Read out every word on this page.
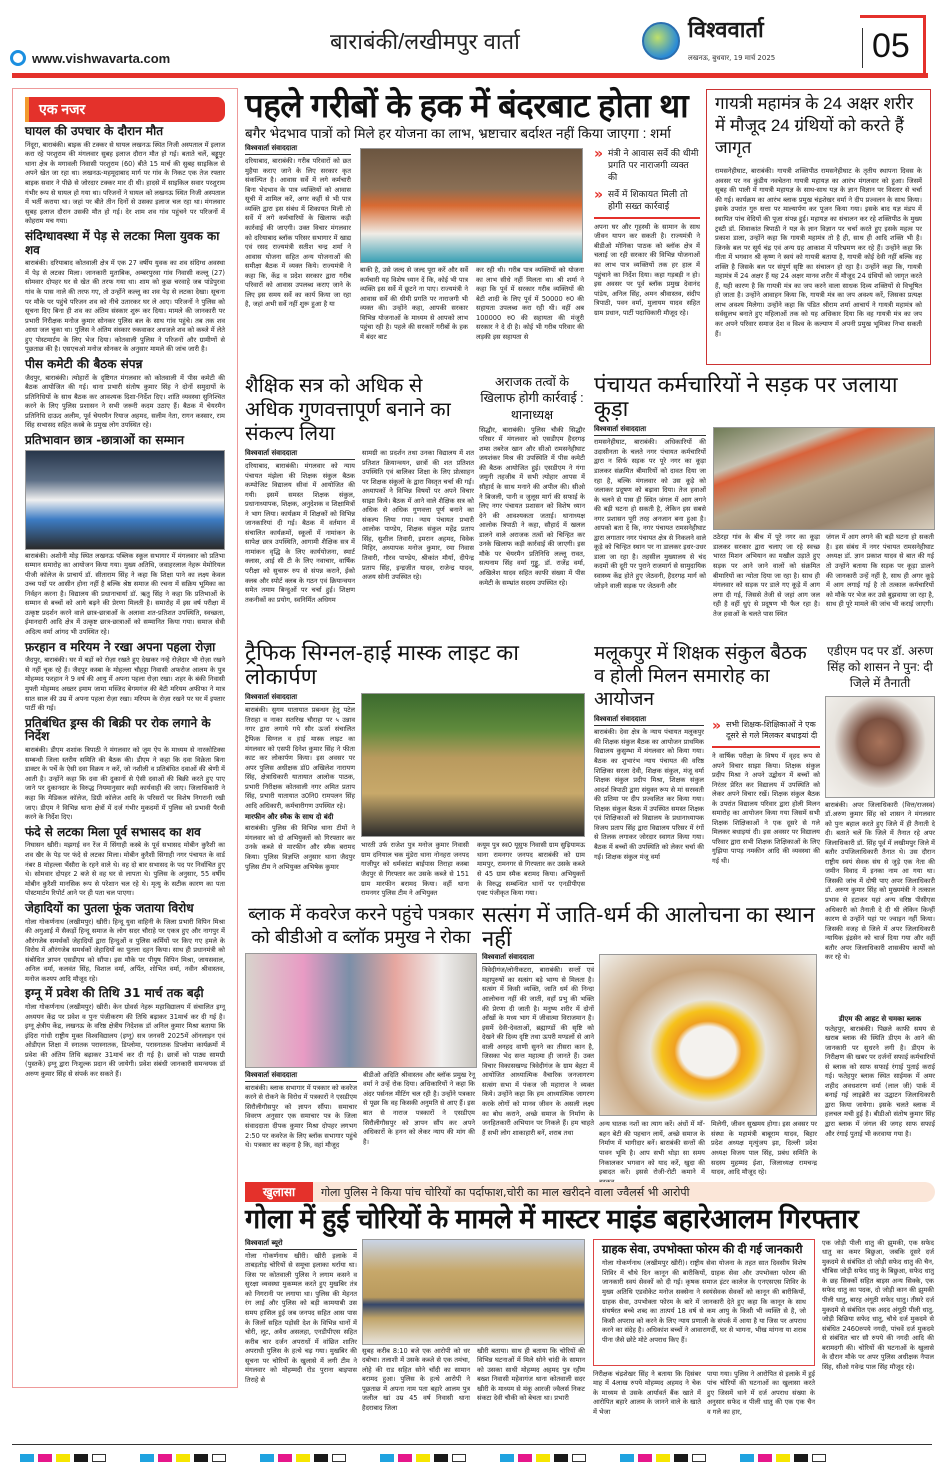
www.vishwavarta.com
बाराबंकी/लखीमपुर वार्ता	विश्ववार्ता
लखनऊ, बुधवार, 19 मार्च 2025	05
एक नजर
घायल की उपचार के दौरान मौत
निंदूरा, बाराबंकी। बाइक की टक्कर से घायल लखनऊ स्थित निजी अस्पताल में इलाज करा रहे परशुराम की मंगलवार सुबह इलाज दौरान मौत हो गई। बताते चलें, बड्डूपुर थाना क्षेत्र के मगावली निवासी परशुराम (60) बीते 15 मार्च की सुबह साइकिल से अपने खेत जा रहा था। लखनऊ-महमूदाबाद मार्ग पर गांव के निकट एक तेज रफ्तार बाइक सवार ने पीछे से जोरदार टक्कर मार दी थी। हादसे में साइकिल सवार परशुराम गंभीर रूप से घायल हो गया था। परिजनों ने घायल को लखनऊ स्थित निजी अस्पताल में भर्ती कराया था। जहां पर बीते तीन दिनों से उसका इलाज चल रहा था। मंगलवार सुबह इलाज दौरान उसकी मौत हो गई। देर शाम शव गांव पहुंचने पर परिजनों में कोहराम मच गया।
संदिग्धावस्था में पेड़ से लटका मिला युवक का शव
बाराबंकी। दरियाबाद कोतवाली क्षेत्र में एक 27 वर्षीय युवक का शव संदिग्ध अवस्था में पेड़ से लटका मिला। जानकारी मुताबिक, अम्बरपुरवा गांव निवासी कल्लू (27) सोमवार दोपहर घर से खेत की तरफ गया था। शाम को कुछ चरवाहे जब पांडेपुरवा गांव के पास नाले की तरफ गए, तो उन्होंने कल्लू का शव पेड़ से लटका देखा। सूचना पर मौके पर पहुंचे परिजन शव को नीचे उतारकर घर ले आए। परिजनों ने पुलिस को सूचना दिए बिना ही शव का अंतिम संस्कार शुरू कर दिया। मामले की जानकारी पर प्रभारी निरीक्षक मनोज कुमार सोनकर पुलिस बल के साथ गांव पहुंचे। तब तक शव आधा जल चुका था। पुलिस ने अंतिम संस्कार रुकवाकर अधजले शव को कब्जे में लेते हुए पोस्टमार्टम के लिए भेज दिया। कोतवाली पुलिस ने परिजनों और ग्रामीणों से पूछताछ की है। एसएचओ मनोज सोनकर के अनुसार मामले की जांच जारी है।
पीस कमेटी की बैठक संपन्न
जैदपुर, बाराबंकी। त्योहारों के दृष्टिगत मंगलवार को कोतवाली में पीस कमेटी की बैठक आयोजित की गई। थाना प्रभारी संतोष कुमार सिंह ने दोनों समुदायों के प्रतिनिधियों के साथ बैठक कर आवश्यक दिशा-निर्देश दिए। शांति व्यवस्था सुनिश्चित करने के लिए पुलिस प्रशासन ने सभी जरूरी कदम उठाए हैं। बैठक में चेयरमैन प्रतिनिधि दाऊद अलीम, पूर्व चेयरमैन रियाज अहमद, सलीम नेता, रागन कस्सार, राम सिंह सभासद सहित कस्बे के प्रमुख लोग उपस्थित रहे।
प्रतिभावान छात्र -छात्राओं का सम्मान
बाराबंकी। अशोनी मोड़ स्थित लखनऊ पब्लिक स्कूल सभागार में मंगलवार को प्रतिभा सम्मान समारोह का आयोजन किया गया। मुख्य अतिथि, जवाहरलाल नेहरू मेमोरियल पीजी कॉलेज के प्राचार्य डॉ. सीताराम सिंह ने कहा कि शिक्षा पाने का लक्ष्य केवल उच्च पदों पर आसीन होना नहीं है बल्कि श्रेष्ठ समाज की रचना में सक्रिय भूमिका का निर्वहन करना है। विद्यालय की प्रधानाचार्या डॉ. ऋतु सिंह ने कहा कि प्रतिभाओं के सम्मान से बच्चों को आगे बढ़ने की प्रेरणा मिलती है। समारोह में इस वर्ष परीक्षा में उत्कृष्ट प्रदर्शन करने वाले छात्र-छात्राओं के अलावा शत-प्रतिशत उपस्थिति, स्वच्छता, ईमानदारी आदि क्षेत्र में उत्कृष्ट छात्र-छात्राओं को सम्मानित किया गया। समाज सेवी अदित्य वर्मा आंगद भी उपस्थित रहे।
फ़रहान व मरियम ने रखा अपना पहला रोज़ा
जैदपुर, बाराबंकी। घर में बड़ों को रोज़ा रखते हुए देखकर नन्हे रोज़ेदार भी रोज़ा रखने से नहीं चूक रहे हैं। जैदपुर कस्बा के मोहल्ला चौहट्टा निवासी अफरोज आलम के पुत्र मोहम्मद फरहान ने 9 वर्ष की आयु में अपना पहला रोज़ा रखा। शहर के बंकी निवासी मुफ्ती मोहम्मद अख्तर इमाम जामा मस्जिद बेगमगंज की बेटी मरियम अफीफा ने मात्र सात साल की उम्र में अपना पहला रोज़ा रखा। मरियम के रोज़ा रखने पर घर में इफ्तार पार्टी की गई।
प्रतिबंधित ड्रग्स की बिक्री पर रोक लगाने के निर्देश
बाराबंकी। डीएम शशांक त्रिपाठी ने मंगलवार को जूम ऐप के माध्यम से नारकोटिक्स सम्बन्धी जिला स्तरीय समिति की बैठक की। डीएम ने कहा कि दवा विक्रेता बिना डाक्टर के पर्चे के ऐसी दवा विक्रय न करें, जो नशीली व प्रतिबंधित दवाओं की श्रेणी में आती है। उन्होंने कहा कि दवा की दुकानों से ऐसी दवाओं की बिक्री करते हुए पाए जाने पर दुकानदार के विरुद्ध नियमानुसार कड़ी कार्यवाही की जाए। जिलाधिकारी ने कहा कि मेडिकल कॉलेज, डिग्री कॉलेज आदि के परिसरों पर विशेष निगरानी रखी जाए। डीएम ने विभिन्न थाना क्षेत्रों में दर्ज गंभीर मुकदमों में पुलिस को प्रभावी पैरवी करने के निर्देश दिए।
फंदे से लटका मिला पूर्व सभासद का शव
निघासन खीरी। मझगई वन रेंज में सिंगाही कस्बे के पूर्व सभासद मोबीन कुरैशी का शव खैर के पेड़ पर फंदे से लटका मिला। मोबीन कुरैशी सिंगाही नगर पंचायत के वार्ड नंबर 8 मोहल्ला भैंसौरा के रहने वाले थे। वह दो बार सभासद के पद पर निर्वाचित हुए थे। सोमवार दोपहर 2 बजे से वह घर से लापता थे। पुलिस के अनुसार, 55 वर्षीय मोबीन कुरैशी मानसिक रूप से परेशान चल रहे थे। मृत्यु के सटीक कारण का पता पोस्टमार्टम रिपोर्ट आने पर ही पता चल पाएगा।
जेहादियों का पुतला फूंक जताया विरोध
गोला गोकर्णनाथ (लखीमपुर) खीरी। हिन्दू युवा वाहिनी के जिला प्रभारी विपिन मिश्रा की अगुआई में सैकड़ों हिन्दू समाज के लोग सदर चौराहे पर एकत्र हुए और नागपुर में औरंगजेब समर्थकों जेहादियों द्वारा हिन्दुओं व पुलिस कर्मियों पर किए गए हमले के विरोध में औरंगजेब समर्थकों जेहादियों का पुतला दहन किया। साथ ही प्रधानमंत्री को संबोधित ज्ञापन एसडीएम को सौंपा। इस मौके पर पीयूष विपिन मिश्रा, जायसवाल, अनिल वर्मा, कलवंत सिंह, विशाल वर्मा, अर्पित, शोभित वर्मा, नवीन श्रीवास्तव, मनोज कश्यप आदि मौजूद रहे।
इग्नू में प्रवेश की तिथि 31 मार्च तक बढ़ी
गोला गोकर्णनाथ (लखीमपुर) खीरी। केन ग्रोवर्स नेहरू महाविद्यालय में संचालित इग्नू अध्ययन केंद्र पर प्रवेश व पुनः पंजीकरण की तिथि बढ़ाकर 31मार्च कर दी गई है। इग्नू क्षेत्रीय केंद्र, लखनऊ के वरिष्ठ क्षेत्रीय निदेशक डॉ अनिल कुमार मिश्रा बताया कि इंदिरा गांधी राष्ट्रीय मुक्त विश्वविद्यालय (इग्नू) सत्र जनवरी 2025में ऑनलाइन एवं ओडीएल शिक्षा में स्नातक परास्नातक, डिप्लोमा, परास्नातक डिप्लोमा कार्यक्रमों में प्रवेश की अंतिम तिथि बढ़ाकर 31मार्च कर दी गई है। छात्रों को पाठ्य सामग्री (पुस्तकें) इग्नू द्वारा निःशुल्क प्रदान की जायेगी। प्रवेश संबंधी जानकारी समन्वयक डॉ अरुण कुमार सिंह से संपर्क कर सकते हैं।
पहले गरीबों के हक में बंदरबाट होता था
बगैर भेदभाव पात्रों को मिले हर योजना का लाभ, भ्रष्टाचार बर्दाश्त नहीं किया जाएगा : शर्मा
विश्ववार्ता संवाददाता
दरियाबाद, बाराबंकी। गरीब परिवारों को छत मुहैया कराए जाने के लिए सरकार कृत संकल्पित है। आवास सर्वे में लगे कर्मचारी बिना भेदभाव के पात्र व्यक्तियों को आवास सूची में शामिल करें, अगर कहीं से भी पात्र व्यक्ति द्वारा इस संबंध में शिकायत मिली तो सर्वे में लगे कर्मचारियों के खिलाफ कड़ी कार्रवाई की जाएगी। उक्त विचार मंगलवार को दरियाबाद ब्लॉक परिसर सभागार में खाद्य एवं रसद राज्यमंत्री सतीश चन्द्र शर्मा ने आवास योजना सहित अन्य योजनाओं की समीक्षा बैठक में व्यक्त किये। राज्यमंत्री ने कहा कि, केंद्र व प्रदेश सरकार द्वारा गरीब परिवारों को आवास उपलब्ध कराए जाने के लिए इस समय सर्वे का कार्य किया जा रहा है, जहां अभी सर्वे नहीं शुरू हुआ है या
बाकी है, उसे जल्द से जल्द पूरा करें और सर्वे कर्मचारी यह विशेष ध्यान दें कि, कोई भी पात्र व्यक्ति इस सर्वे में छूटने ना पाए। राज्यमंत्री ने आवास सर्वे की धीमी प्रगति पर नाराजगी भी व्यक्त की। उन्होंने कहा, आपकी सरकार विभिन्न योजनाओं के माध्यम से आपको लाभ पहुंचा रही है। पहले की सरकारें गरीबों के हक में बंदर बाट
कर रही थी। गरीब पात्र व्यक्तियों को योजना का लाभ सीधे नहीं मिलता था। श्री शर्मा ने कहा कि पूर्व में सरकार गरीब व्यक्तियों की बेटी शादी के लिए पूर्व में 50000 रु0 की सहायता उपलब्ध करा रही थी। वहीं अब 100000 रु0 की सहायता की मंजूरी सरकार ने दे दी है। कोई भी गरीब परिवार की लड़की इस सहायता से
» मंत्री ने आवास सर्वे की धीमी प्रगति पर नाराजगी व्यक्त की
» सर्वे में शिकायत मिली तो होगी सख्त कार्रवाई
अपना घर और गृहस्थी के सामान के साथ जीवन यापन कर सकती है। राज्यमंत्री ने बीडीओ मोनिका पाठक को ब्लॉक क्षेत्र में चलाई जा रही सरकार की विभिन्न योजनाओं का लाभ पात्र व्यक्तियों तक हर हाल में पहुंचाने का निर्देश दिया। कहा गड़बड़ी न हो। इस अवसर पर पूर्व ब्लॉक प्रमुख देवानंद पांडेय, अनिल सिंह, अमन श्रीवास्तव, संदीप त्रिपाठी, पवन वर्मा, मुलायम यादव सहित ग्राम प्रधान, पार्टी पदाधिकारी मौजूद रहे।
गायत्री महामंत्र के 24 अक्षर शरीर में मौजूद 24 ग्रंथियों को करते हैं जागृत
रामसनेहीघाट, बाराबंकी। गायत्री शक्तिपीठ रामसनेहीघाट के तृतीय स्थापना दिवस के अवसर पर नव कुंडीय नवचेतना गायत्री महायज्ञ का आरंभ मंगलवार को हुआ। जिसमें सुबह की पाली में गायत्री महायज्ञ के साथ-साथ यज्ञ के ज्ञान विज्ञान पर विस्तार से चर्चा की गई। कार्यक्रम का आरंभ ब्लाक प्रमुख चंद्रशेखर वर्मा ने दीप प्रज्वलन के साथ किया। इसके उपरांत गुरु सत्ता पर माल्यार्पण कर पूजन किया गया। इसके बाद यज्ञ मंडप में स्थापित पांच वेदियों की पूजा संपन्न हुई। महायज्ञ का संचालन कर रहे शक्तिपीठ के मुख्य ट्रस्टी डॉ. शिवाकांत त्रिपाठी ने यज्ञ के ज्ञान विज्ञान पर चर्चा करते हुए इसके महत्व पर प्रकाश डाला, उन्होंने कहा कि गायत्री महामंत्र तो है ही, साथ ही आदि शक्ति भी है। जिनके बल पर सूर्य चंद्र एवं अन्य ग्रह आकाश में परिभ्रमण कर रहे हैं। उन्होंने कहा कि गीता में भगवान श्री कृष्ण ने स्वयं को गायत्री बताया है, गायत्री कोई देवी नहीं बल्कि वह शक्ति है जिसके बल पर संपूर्ण सृष्टि का संचालन हो रहा है। उन्होंने कहा कि, गायत्री महामंत्र में 24 अक्षर हैं यह 24 अक्षर मानव शरीर में मौजूद 24 ग्रंथियों को जागृत करते हैं, यही कारण है कि गायत्री मंत्र का जप करने वाला साधक दिव्य शक्तियों से विभूषित हो जाता है। उन्होंने आवाहन किया कि, गायत्री मंत्र का जप अवश्य करें, जिसका प्रत्यक्ष लाभ अवश्य मिलेगा। उन्होंने कहा कि पंडित श्रीराम शर्मा आचार्य ने गायत्री महामंत्र को सर्वसुलभ बनाते हुए महिलाओं तक को यह अधिकार दिया कि वह गायत्री मंत्र का जप कर अपने परिवार समाज देश व विश्व के कल्याण में अपनी प्रमुख भूमिका निभा सकती हैं।
शैक्षिक सत्र को अधिक से अधिक गुणवत्तापूर्ण बनाने का संकल्प लिया
विश्ववार्ता संवाददाता
दरियाबाद, बाराबंकी। मंगलवार को न्याय पंचायत मंझेला की शिक्षक संकुल बैठक कम्पोजिट विद्यालय सीवां में आयोजित की गयी। इसमें समस्त शिक्षक संकुल, प्रधानाध्यापक, शिक्षक, अनुदेशक व शिक्षामित्रों ने भाग लिया। कार्यक्रम में शिक्षकों को विभिन्न जानकारियां दी गई। बैठक में वर्तमान में संचालित कार्यक्रमों, स्कूलों में नामांकन के सापेक्ष छात्र उपस्थिति, आगामी शैक्षिक सत्र में नामांकन वृद्धि के लिए कार्ययोजना, स्मार्ट क्लास, आई सी टी के लिए नवाचार, वार्षिक परीक्षा को सुचारू रुप से संपन्न कराने, ईको क्लब और स्पोर्ट क्लब के गठन एवं क्रियान्वयन समेत तमाम बिन्दुओं पर चर्चा हुई। शिक्षण तकनीकों का प्रयोग, स्वनिर्मित अधिगम
सामग्री का प्रदर्शन तथा उनका विद्यालय में शत प्रतिशत क्रियान्वयन, छात्रों की शत प्रतिशत उपस्थिति एवं बालिका शिक्षा के लिए प्रोत्साहन पर शिक्षक संकुलों के द्वारा विस्तृत चर्चा की गई। अध्यापकों ने विभिन्न विषयों पर अपने विचार साझा किये। बैठक में आने वाले शैक्षिक सत्र को अधिक से अधिक गुणवत्ता पूर्ण बनाने का संकल्प लिया गया। न्याय पंचायत प्रभारी आलोक पाण्डेय, शिक्षक संकुल महेंद्र प्रताप सिंह, सुशील तिवारी, इमरान अहमद, विवेक मिहिर, अध्यापक मनोज कुमार, रमा निवास तिवारी, गौरव पाण्डेय, श्रीकांत मौर्या, दीपेन्द्र प्रताप सिंह, इन्द्रजीत यादव, राजेन्द्र यादव, अजय सोनी उपस्थित रहे।
अराजक तत्वों के खिलाफ होगी कार्रवाई : थानाध्यक्ष
सिद्धौर, बाराबंकी। पुलिस चौकी सिद्धौर परिसर में मंगलवार को एसडीएम हैदरगढ़ शम्स तबरेज खान और सीओ रामसनेहीघाट जयशंकर मिश्र की उपस्थिति में पीस कमेटी की बैठक आयोजित हुई। एसडीएम ने गंगा जमुनी तहजीब में सभी त्योहार आपस में सौहार्द के साथ मनाने की अपील की। सीओ ने बिजली, पानी व जुलूस मार्ग की सफाई के लिए नगर पंचायत प्रशासन को विशेष ध्यान देने की आवश्यकता जताई। थानाध्यक्ष आलोक त्रिपाठी ने कहा, सौहार्द में खलल डालने वाले अराजक तत्वों को चिन्हित कर उनके खिलाफ कड़ी कार्रवाई की जाएगी। इस मौके पर चेयरमैन प्रतिनिधि लल्लू रावत, सत्यनाम सिंह वर्मा गुड्डू, डॉ. राजेंद्र वर्मा, अखिलेश यादव सहित काफी संख्या में पीस कमेटी के सम्भ्रांत सदस्य उपस्थित रहे।
पंचायत कर्मचारियों ने सड़क पर जलाया कूड़ा
विश्ववार्ता संवाददाता
रामसनेहीघाट, बाराबंकी। अधिकारियों की उदासीनता के चलते नगर पंचायत कर्मचारियों द्वारा न सिर्फ सड़क पर पूरे नगर का कूड़ा डालकर संक्रमित बीमारियों को दावत दिया जा रहा है, बल्कि मंगलवार को उस कूड़े को जलाकर प्रदूषण को बढ़ावा दिया। तेज हवाओं के चलने से पास ही स्थित जंगल में आग लगने की बड़ी घटना हो सकती है, लेकिन इस सबसे नगर प्रशासन पूरी तरह अनजान बना हुआ है। आपको बता दें कि, नगर पंचायत रामसनेहीघाट द्वारा लगातार नगर पंचायत क्षेत्र से निकलने वाले कूड़े को चिन्हित स्थान पर ना डालकर इधर-उधर डाला जा रहा है। तहसील मुख्यालय से चंद कदमों की दूरी पर पुराने राजमार्ग से सामुदायिक स्वास्थ्य केंद्र होते हुए जेठवनी, हैदरगढ़ मार्ग को जोड़ने वाली सड़क पर जेठवनी और
ठठेरहा गांव के बीच में पूरे नगर का कूड़ा डालकर सरकार द्वारा चलाए जा रहे स्वच्छ भारत मिशन अभियान का मखौल उड़ाते हुए सड़क पर आने जाने वालों को संक्रमित बीमारियों का न्योता दिया जा रहा है। साथ ही मंगलवार को सड़क पर डाले गए कूड़े में आग लगा दी गई, जिससे तेजी से जहां आग जल रही है वहीं धुएं से प्रदूषण भी फैल रहा है। तेज हवाओं के चलते पास स्थित
जंगल में आग लगने की बड़ी घटना हो सकती है। इस संबंध में नगर पंचायत रामसनेहीघाट अध्यक्ष डॉ. ज्ञान प्रकाश यादव से बात की गई तो उन्होंने बताया कि सड़क पर कूड़ा डालने की जानकारी उन्हें नहीं है, साथ ही अगर कूड़े में आग लगाई गई है तो तत्काल कर्मचारियों को मौके पर भेज कर उसे बुझवाया जा रहा है, साथ ही पूरे मामले की जांच भी कराई जाएगी।
ट्रैफिक सिग्नल-हाई मास्क लाइट का लोकार्पण
विश्ववार्ता संवाददाता
बाराबंकी। सुगम यातायात प्रबन्धन हेतु पटेल तिराहा व नाका सतरिख चौराहा पर ५ उन्नाव नगर द्वारा लगाये गये सौर ऊर्जा संचालित ट्रैफिक सिग्नल व हाई मास्क लाइट का मंगलवार को एसपी दिनेश कुमार सिंह ने फीता काट कर लोकार्पण किया। इस अवसर पर अपर पुलिस अधीक्षक डॉ0 अखिलेश नारायण सिंह, क्षेत्राधिकारी यातायात आलोक पाठक, प्रभारी निरीक्षक कोतवाली नगर अमित प्रताप सिंह, प्रभारी यातायात उ0नि0 रामपलन सिंह आदि अधिकारी, कर्मचारीगण उपस्थित रहे।
मारफीन और स्मैक के साथ दो बंदी
बाराबंकी। पुलिस की विभिन्न थाना टीमों ने मंगलवार को दो अभियुक्तों को गिरफ्तार कर उनके कब्जे से मारफीन और स्मैक बरामद किया। पुलिस विज्ञप्ति अनुसार थाना जैदपुर पुलिस टीम ने अभियुक्त अभिषेक कुमार
भारती उर्फ राजेश पुत्र मनोज कुमार निवासी ग्राम दनियाल चक मुंडेरा थाना नोनहरा जनपद गाजीपुर को धर्मकांटा बाईपास तिराहा कस्बा जैदपुर से गिरफ्तार कर उसके कब्जे से 151 ग्राम मारफीन बरामद किया। वहीं थाना रामनगर पुलिस टीम ने अभियुक्त
कयूम पुत्र स्व0 यूसुफ निवासी ग्राम सुढ़ियामऊ थाना रामनगर जनपद बाराबंकी को ग्राम मामपुर, रामनगर से गिरफ्तार कर उसके कब्जे से 45 ग्राम स्मैक बरामद किया। अभियुक्तों के विरुद्ध सम्बन्धित थानों पर एनडीपीएस एक्ट पंजीकृत किया गया।
मलूकपुर में शिक्षक संकुल बैठक व होली मिलन समारोह का आयोजन
विश्ववार्ता संवाददाता
बाराबंकी। देवा क्षेत्र के न्याय पंचायत मलूकपुर की शिक्षक संकुल बैठक का आयोजन प्राथमिक विद्यालय कुसुम्भा में मंगलवार को किया गया। बैठक का शुभारंभ न्याय पंचायत की वरिष्ठ शिक्षिका सरला देवी, शिक्षक संकुल, मंजू वर्मा शिक्षक संकुल प्रदीप मिश्रा, शिक्षक संकुल आदर्श त्रिपाठी द्वारा संयुक्त रूप से मां सरस्वती की प्रतिमा पर दीप प्रज्वलित कर किया गया। शिक्षक संकुल बैठक में उपस्थित समस्त शिक्षक एवं शिक्षिकाओं को विद्यालय के प्रधानाध्यापक विजय प्रताप सिंह द्वारा विद्यालय परिसर में रंगों से तिलक लगाकर जोरदार स्वागत किया गया। बैठक में बच्चों की उपस्थिति को लेकर चर्चा की गई। शिक्षक संकुल मंजू वर्मा
» सभी शिक्षक-शिक्षिकाओं ने एक दूसरे से गले मिलकर बधाइयां दी
ने वार्षिक परीक्षा के विषय में वृहद रूप से अपने विचार साझा किया। शिक्षक संकुल प्रदीप मिश्रा ने अपने उद्बोधन में बच्चों को निरंतर प्रेरित कर विद्यालय में उपस्थिति को लेकर अपने विचार रखें। शिक्षक संकुल बैठक के उपरांत विद्यालय परिवार द्वारा होली मिलन समारोह का आयोजन किया गया जिसमें सभी शिक्षक शिक्षिकाओं ने एक दूसरे से गले मिलकर बधाइयां दी। इस अवसर पर विद्यालय परिवार द्वारा सभी शिक्षक शिक्षिकाओं के लिए गुझिया पापड़ नमकीन आदि की व्यवस्था की गई थी।
एडीएम पद पर डॉ. अरुण सिंह को शासन ने पुन: दी जिले में तैनाती
बाराबंकी। अपर जिलाधिकारी (वित्त/राजस्व) डॉ.अरुण कुमार सिंह को शासन ने मंगलवार को पुनः बहाल करते हुए जिले में ही तैनाती दे दी। बताते चलें कि जिले में तैनात रहे अपर जिलाधिकारी डॉ. सिंह पूर्व में लखीमपुर जिले में बतौर उपजिलाधिकारी तैनात थे। उस दौरान राष्ट्रीय स्वयं सेवक संघ से जुड़े एक नेता की जमीन विवाद में इनका नाम आ गया था। जिसकी जांच में दोषी पाए अपर जिलाधिकारी डॉ. अरुण कुमार सिंह को मुख्यमंत्री ने तत्काल प्रभाव से हटाकर यहां अन्य वरिष्ठ पीसीएस अधिकारी को तैनाती दे दी थी लेकिन किन्हीं कारण से उन्होंने यहां पर ज्वाइन नहीं किया। जिसकी वजह से जिले में अपर जिलाधिकारी न्यायिक इंद्रसेन को चार्ज दिया गया और वहीं बतौर अपर जिलाधिकारी शासकीय कार्यों को कर रहे थे।
डीएम की आहट से चमका ब्लाक
फतेहपुर, बाराबंकी। पिछले काफी समय से खराब ब्लाक की स्थिति डीएम के आने की जानकारी पर सुधरने लगी है। डीएम के निरीक्षण की खबर पर दर्जनों सफाई कर्मचारियों से ब्लाक को साफ सफाई रंगाई पुताई कराई गई। फतेहपुर ब्लाक स्थित साईमक में अमर शहीद अवधशरण वर्मा (लाल जी) पार्क में बनाई गई लाइब्रेरी का उद्घाटन जिलाधिकारी द्वारा किया जायेगा। इसके चलते ब्लाक में हलचल मची हुई है। बीडीओ संतोष कुमार सिंह द्वारा ब्लाक में जंगल की जगह साफ सफाई और रंगाई पुताई भी करवाया गया है।
ब्लाक में कवरेज करने पहुंचे पत्रकार को बीडीओ व ब्लॉक प्रमुख ने रोका
विश्ववार्ता संवाददाता
बाराबंकी। ब्लाक सभागार में पत्रकार को कवरेज करने से रोकने के विरोध में पत्रकारों ने एसडीएम सिरौलीगौसपुर को ज्ञापन सौंपा। समाचार विवरण अनुसार एक समाचार पत्र के जिला संवाददाता दीपक कुमार मिश्रा दोपहर लगभग 2:50 पर कवरेज के लिए ब्लॉक सभागार पहुंचे थे। पत्रकार का कहना है कि, वहां मौजूद
बीडीओ अदिति श्रीवास्तव और ब्लॉक प्रमुख रेनू वर्मा ने उन्हें रोक दिया। अधिकारियों ने कहा कि अंदर पर्सनल मीटिंग चल रही है। उन्होंने पत्रकार से पूछा कि वह किसकी अनुमति से आए हैं। इस बात से नाराज पत्रकारों ने एसडीएम सिरौलीगौसपुर को ज्ञापन सौंप कर अपने अधिकारों के हनन को लेकर न्याय की मांग की है।
सत्संग में जाति-धर्म की आलोचना का स्थान नहीं
विश्ववार्ता संवाददाता
त्रिवेदीगंज/लोनीकटरा, बाराबंकी। सन्तों एवं महापुरुषों का सत्संग बड़े भाग्य से मिलता है। सत्संग में किसी व्यक्ति, जाति धर्म की निन्दा आलोचना नहीं की जाती, वहाँ प्रभु की भक्ति की प्रेरणा दी जाती है। मनुष्य शरीर में दोनों आँखों के मध्य भाग में जीवात्मा विराजमान है। इसमें देवी-देवताओं, ब्रह्माण्डों की सृष्टि को देखने की दिव्य दृष्टि तथा ऊपरी मण्डलों से आने वाली अनहद वाणी सुनने का तीसरा कान है, जिसका भेद सन्त महात्मा ही जानते हैं। उक्त विचार विकासखण्ड त्रिवेदीगंज के ग्राम बेहटा में आयोजित आध्यात्मिक वैचारिक जनजागरण सत्संग सभा में पंकज जी महाराज ने व्यक्त किये। उन्होंने कहा कि हम आध्यात्मिक जागरण करके लोगों को मानव जीवन के असली लक्ष्य का बोध कराने, अच्छे समाज के निर्माण के जनहितकारी अभियान पर निकले हैं। हम चाहते हैं सभी लोग शाकाहारी बनें, शराब तथा
अन्य घातक नशों का त्याग करें। अंधों में माँ-बहन बेटी की पहचान लायें, अच्छे समाज के निर्माण में भागीदार बनें। बाराबंकी सन्तों की पावन भूमि है। आप सभी थोड़ा सा समय निकालकर भगवान को याद करें, खुदा की इबादत करें। इससे रोजी-रोटी कमाने में
मिलेगी, जीवन सुखमय होगा। इस अवसर पर संस्था के महामंत्री बाबूराम यादव, बिहार प्रदेश अध्यक्ष मृत्युंजय झा, दिल्ली प्रदेश अध्यक्ष विजय पाल सिंह, प्रबंध समिति के सदस्य मुहम्मद ईशा, जिलाध्यक्ष रामचन्द्र यादव, आदि मौजूद रहे।
खुलासा	गोला पुलिस ने किया पांच चोरियों का पर्दाफाश,चोरी का माल खरीदने वाला ज्वैलर्स भी आरोपी
गोला में हुई चोरियों के मामले में मास्टर माइंड बहारेआलम गिरफ्तार
विश्ववार्ता ब्यूरो
गोला गोकर्णनाथ खीरी। खीरी इलाके में ताबड़तोड़ चोरियों से समूचा इलाका थर्राया था। जिस पर कोतवाली पुलिस ने लगाम कसने व सुरक्षा व्यवस्था मुकम्मल करते हुए मुखबिर तंत्र को निगरानी पर लगाया था। पुलिस की मेहनत रंग लाई और पुलिस को बड़ी कामयाबी उस समय हासिल हुई जब जनपद सहित आस पास के जिलों सहित पड़ोसी देश के विभिन्न थानों में चोरी, लूट, अवैध असलहा, एनडीपीएस सहित करीब चार दर्जन अपराधों में वांछित शातिर अपराधी पुलिस के हत्थे चढ़ गया। मुखबिर की सूचना पर चोरियों के खुलासे में लगी टीम ने मंगलवार को मोहम्मदी रोड पुराना बाइपास तिराहे से
सुबह करीब 8:10 बजे एक आरोपी को धर दबोचा। तलाशी में उसके कब्जे से एक तमंचा, लोहे की राड सहित सोने चाँदी का सामान बरामद हुआ। पुलिस के हत्थे आरोपी ने पूछताछ में अपना नाम पता बहारे आलम पुत्र जलील खां उम्र 45 वर्ष निवासी थाना हैदराबाद जिला
खीरी बताया। साथ ही बताया कि चोरियों की विभिन्न घटनाओं में मिले सोने चांदी के सामान को उसका साथी मोहम्मद अहमद पुत्र रहीम बख्श निवासी महेवागंज थाना कोतवाली सदर खीरी के माध्यम से मंकू आरजी ज्वैलर्स निकट संकटा देवी चौकी को बेचता था। प्रभारी
ग्राहक सेवा, उपभोक्ता फोरम की दी गई जानकारी
गोला गोकर्णनाथ (लखीमपुर खीरी)। राष्ट्रीय सेवा योजना के तहत सात दिवसीय विशेष शिविर में चौथे दिन कानून की बारीकियों, ग्राहक सेवा और उपभोक्ता फोरम की जानकारी स्वयं सेवकों को दी गई। कृषक समाज इंटर कालेज के एनएसएस शिविर के मुख्य अतिथि एडवोकेट मनोज सक्सेना ने स्वयंसेवक सेवकों को कानून की बारीकियों, ग्राहक सेवा, उपभोक्ता फोरम के बारे में जानकारी देते हुए कहा कि कानून के साथ संघर्षरत बच्चे शब्द का तात्पर्य 18 वर्ष से कम आयु के किसी भी व्यक्ति से है, जो किसी अपराध को करने के लिए न्याय प्रणाली के संपर्क में आया है या जिस पर अपराध करने का संदेह है। अधिकांश बच्चों ने आवारागर्दी, घर से भागना, भीख मांगना या शराब पीना जैसे छोटे मोटे अपराध किए हैं।
निरीक्षक चंद्रशेखर सिंह ने बताया कि दिसंबर माह में 4लाख रुपये मोहम्मद अहमद ने चेक के माध्यम से उसके आर्यावर्त बैंक खाते में आरोपित बहारे आलम के जानने वाले के खाते में भेजा
पाया गया। पुलिस ने आरोपित से इलाके में हुई पांच चोरियों की घटनाओं का खुलासा करते हुए जिसमें थाने में दर्ज अपराध संख्या के अनुसार सफेद व पीली धातु की एक एक चैन व गले का हार,
एक जोड़ी पीली धातु की झुमकी, एक सफेद धातु का कमर बिछुआ, जबकि दूसरे दर्ज मुकदमे से संबंधित दो जोड़ी सफेद धातु की चैन, चौबिस जोड़ी सफेद धातु के बिछुआ, सफेद धातु के छह सिक्कों सहित बाइस अन्य सिक्के, एक सफेद धातु का पदक, दो जोड़ी कान की झुमकी पीली धातु, बारह अंगूठी सफेद धातु। तीसरे दर्ज मुकदमे से संबंधित एक अदद अंगूठी पीली धातु, जोड़ी बिछिया सफेद धातु, चौथे दर्ज मुकदमे से संबंधित 2460रुपये नगदी, पांचवें दर्ज मुकदमे से संबंधित चार सौ रुपये की नगदी आदि की बरामदगी की। चोरियों की घटनाओं के खुलासे के दौरान मौके पर अपर पुलिस अधीक्षक नैपाल सिंह, सीओ गवेन्द्र पाल सिंह मौजूद रहे।
